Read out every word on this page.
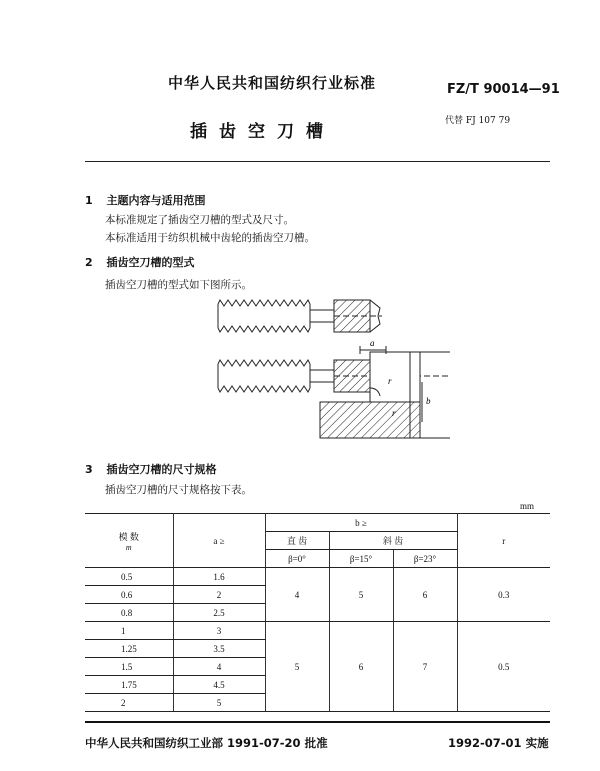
中华人民共和国纺织行业标准	FZ/T 90014—91
插齿空刀槽
代替 FJ 107 79
1 主题内容与适用范围
本标准规定了插齿空刀槽的型式及尺寸。
本标准适用于纺织机械中齿轮的插齿空刀槽。
2 插齿空刀槽的型式
插齿空刀槽的型式如下图所示。
a
r
r
b
3 插齿空刀槽的尺寸规格
插齿空刀槽的尺寸规格按下表。
mm
模 数
m	a ≥	b ≥			r
		直 齿	斜 齿		
		β=0°	β=15°	β=23°	
0.5	1.6	4	5	6	0.3
0.6	2				
0.8	2.5				
1	3	5	6	7	0.5
1.25	3.5				
1.5	4				
1.75	4.5				
2	5				
中华人民共和国纺织工业部 1991-07-20 批准	1992-07-01 实施
